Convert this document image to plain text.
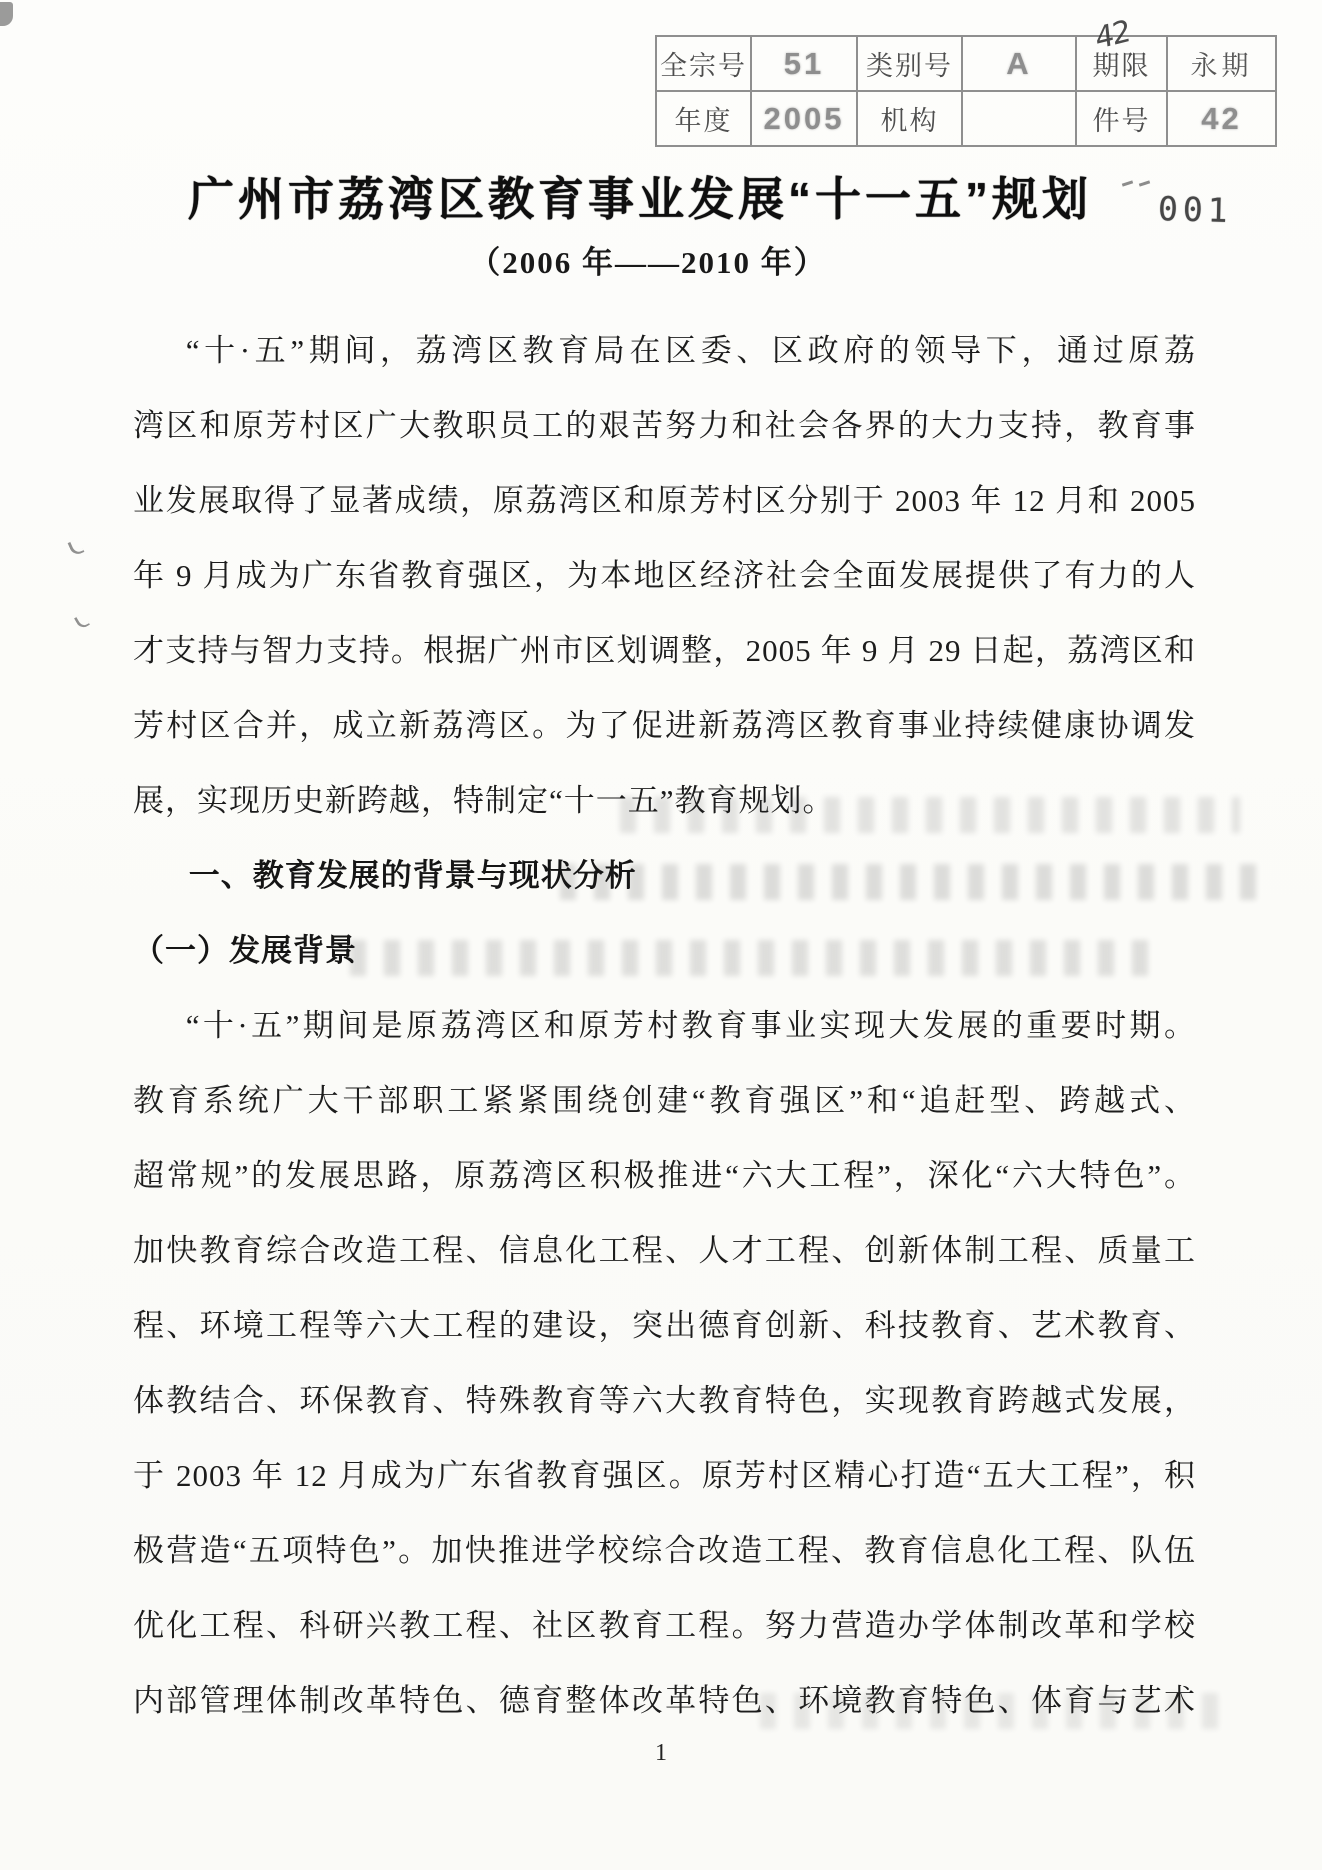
全宗号	51	类别号	A	期限	永期
年度	2005	机构		件号	42
42
广州市荔湾区教育事业发展“十一五”规划	001
（2006 年——2010 年）
“十·五”期间，荔湾区教育局在区委、区政府的领导下，通过原荔
湾区和原芳村区广大教职员工的艰苦努力和社会各界的大力支持，教育事
业发展取得了显著成绩，原荔湾区和原芳村区分别于 2003 年 12 月和 2005
年 9 月成为广东省教育强区，为本地区经济社会全面发展提供了有力的人
才支持与智力支持。根据广州市区划调整，2005 年 9 月 29 日起，荔湾区和
芳村区合并，成立新荔湾区。为了促进新荔湾区教育事业持续健康协调发
展，实现历史新跨越，特制定“十一五”教育规划。
一、教育发展的背景与现状分析
（一）发展背景
“十·五”期间是原荔湾区和原芳村教育事业实现大发展的重要时期。
教育系统广大干部职工紧紧围绕创建“教育强区”和“追赶型、跨越式、
超常规”的发展思路，原荔湾区积极推进“六大工程”，深化“六大特色”。
加快教育综合改造工程、信息化工程、人才工程、创新体制工程、质量工
程、环境工程等六大工程的建设，突出德育创新、科技教育、艺术教育、
体教结合、环保教育、特殊教育等六大教育特色，实现教育跨越式发展，
于 2003 年 12 月成为广东省教育强区。原芳村区精心打造“五大工程”，积
极营造“五项特色”。加快推进学校综合改造工程、教育信息化工程、队伍
优化工程、科研兴教工程、社区教育工程。努力营造办学体制改革和学校
内部管理体制改革特色、德育整体改革特色、环境教育特色、体育与艺术
1
